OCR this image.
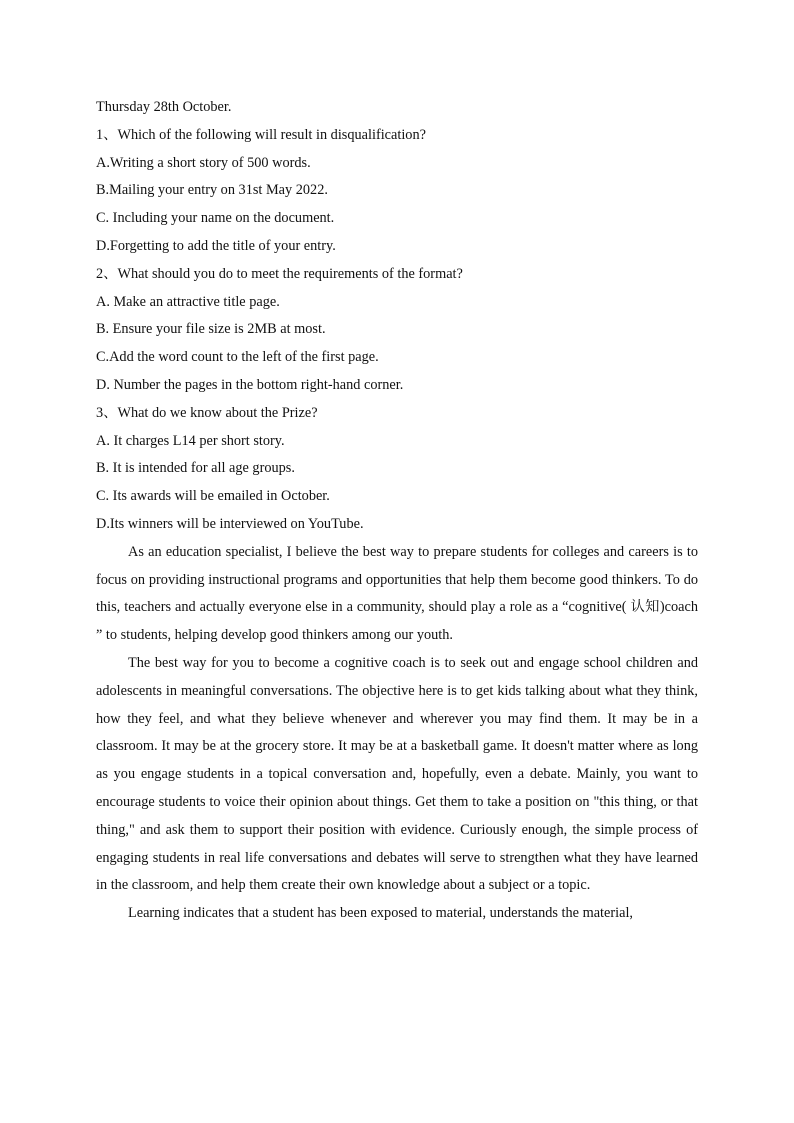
Thursday 28th October.

1、Which of the following will result in disqualification?

A.Writing a short story of 500 words.

B.Mailing your entry on 31st May 2022.

C. Including your name on the document.

D.Forgetting to add the title of your entry.

2、What should you do to meet the requirements of the format?

A. Make an attractive title page.

B. Ensure your file size is 2MB at most.

C.Add the word count to the left of the first page.

D. Number the pages in the bottom right-hand corner.

3、What do we know about the Prize?

A. It charges L14 per short story.

B. It is intended for all age groups.

C. Its awards will be emailed in October.

D.Its winners will be interviewed on YouTube.

As an education specialist, I believe the best way to prepare students for colleges and careers is to focus on providing instructional programs and opportunities that help them become good thinkers. To do this, teachers and actually everyone else in a community, should play a role as a “cognitive( 认知)coach ” to students, helping develop good thinkers among our youth.

The best way for you to become a cognitive coach is to seek out and engage school children and adolescents in meaningful conversations. The objective here is to get kids talking about what they think, how they feel, and what they believe whenever and wherever you may find them. It may be in a classroom. It may be at the grocery store. It may be at a basketball game. It doesn't matter where as long as you engage students in a topical conversation and, hopefully, even a debate. Mainly, you want to encourage students to voice their opinion about things. Get them to take a position on "this thing, or that thing," and ask them to support their position with evidence. Curiously enough, the simple process of engaging students in real life conversations and debates will serve to strengthen what they have learned in the classroom, and help them create their own knowledge about a subject or a topic.

Learning indicates that a student has been exposed to material, understands the material,
